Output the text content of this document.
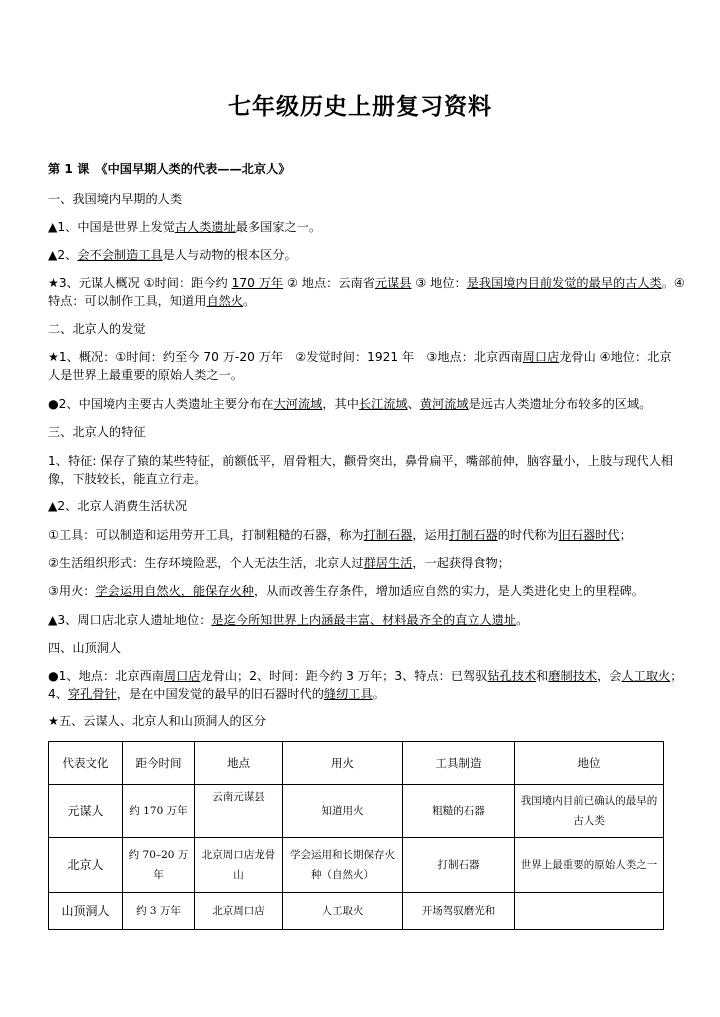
七年级历史上册复习资料
第 1 课　《中国早期人类的代表——北京人》
一、我国境内早期的人类
▲1、中国是世界上发觉古人类遗址最多国家之一。
▲2、会不会制造工具是人与动物的根本区分。
★3、元谋人概况 ①时间：距今约 170 万年 ② 地点：云南省元谋县 ③ 地位：是我国境内目前发觉的最早的古人类。④
特点：可以制作工具，知道用自然火。
二、北京人的发觉
★1、概况：①时间：约至今 70 万-20 万年　②发觉时间：1921 年　③地点：北京西南周口店龙骨山 ④地位：北京
人是世界上最重要的原始人类之一。
●2、中国境内主要古人类遗址主要分布在大河流域，其中长江流域、黄河流域是远古人类遗址分布较多的区域。
三、北京人的特征
1、特征: 保存了猿的某些特征，前额低平，眉骨粗大，颧骨突出，鼻骨扁平，嘴部前伸，脑容量小，上肢与现代人相
像，下肢较长，能直立行走。
▲2、北京人消费生活状况
①工具：可以制造和运用劳开工具，打制粗糙的石器，称为打制石器，运用打制石器的时代称为旧石器时代；
②生活组织形式：生存环境险恶，个人无法生活，北京人过群居生活，一起获得食物；
③用火：学会运用自然火，能保存火种，从而改善生存条件，增加适应自然的实力，是人类进化史上的里程碑。
▲3、周口店北京人遗址地位：是迄今所知世界上内涵最丰富、材料最齐全的直立人遗址。
四、山顶洞人
●1、地点：北京西南周口店龙骨山；2、时间：距今约 3 万年；3、特点：已驾驭钻孔技术和磨制技术，会人工取火；
4、穿孔骨针，是在中国发觉的最早的旧石器时代的缝纫工具。
★五、云谋人、北京人和山顶洞人的区分
代表文化	距今时间	地点	用火	工具制造	地位
元谋人	约 170 万年	云南元谋县	知道用火	粗糙的石器	我国境内目前已确认的最早的古人类
北京人	约 70–20 万年	北京周口店龙骨山	学会运用和长期保存火种（自然火）	打制石器	世界上最重要的原始人类之一
山顶洞人	约 3 万年	北京周口店	人工取火	开场驾驭磨光和	
